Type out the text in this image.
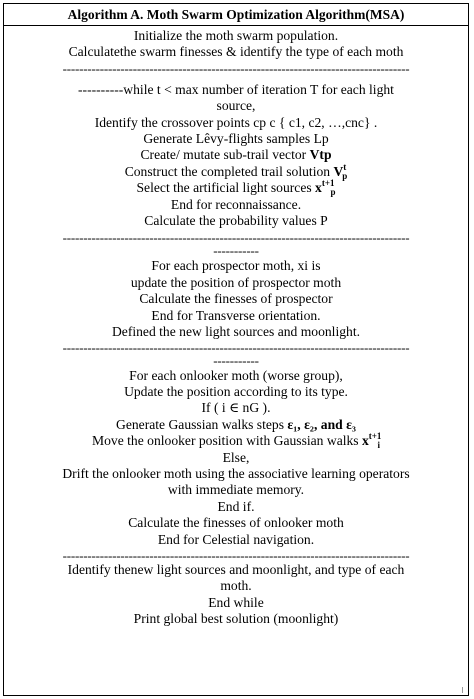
Algorithm A. Moth Swarm Optimization Algorithm(MSA)
Initialize the moth swarm population.
Calculatethe swarm finesses & identify the type of each moth
------------------------------------------------------------------------------------
----------while t < max number of iteration T for each light
source,
Identify the crossover points cp c { c1, c2, …,cnc} .
Generate Lêvy-flights samples Lp
Create/ mutate sub-trail vector Vtp
Construct the completed trail solution $V^t_p$
Select the artificial light sources $x^{t+1}_p$
End for reconnaissance.
Calculate the probability values P
------------------------------------------------------------------------------------
-----------
For each prospector moth, xi is
update the position of prospector moth
Calculate the finesses of prospector
End for Transverse orientation.
Defined the new light sources and moonlight.
------------------------------------------------------------------------------------
-----------
For each onlooker moth (worse group),
Update the position according to its type.
If ( i ∈ nG ).
Generate Gaussian walks steps ε₁, ε₂, and ε₃
Move the onlooker position with Gaussian walks $x^{t+1}_i$
Else,
Drift the onlooker moth using the associative learning operators
with immediate memory.
End if.
Calculate the finesses of onlooker moth
End for Celestial navigation.
------------------------------------------------------------------------------------
Identify thenew light sources and moonlight, and type of each
moth.
End while
Print global best solution (moonlight)
